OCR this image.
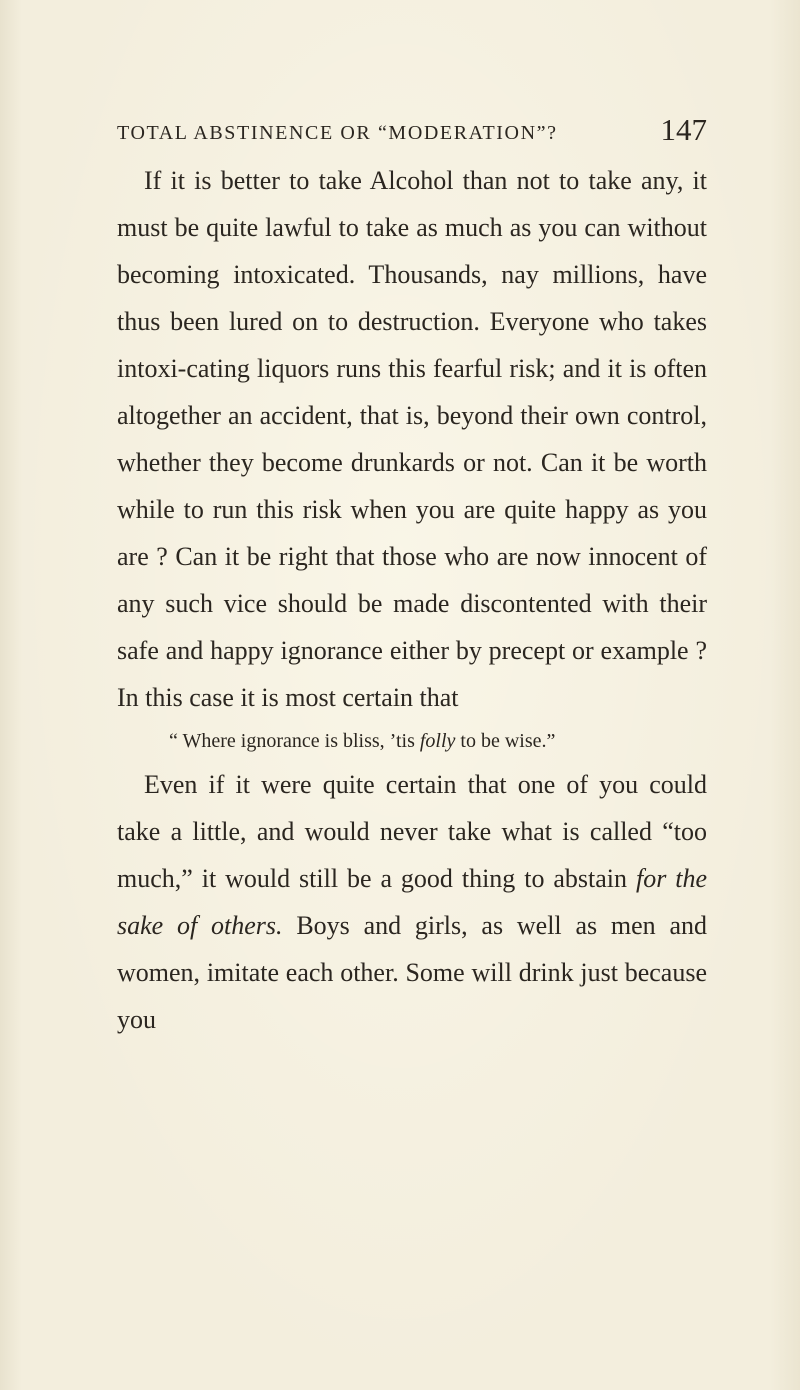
TOTAL ABSTINENCE OR “MODERATION”?	147

If it is better to take Alcohol than not to take any, it must be quite lawful to take as much as you can without becoming intoxicated. Thousands, nay millions, have thus been lured on to destruction. Everyone who takes intoxi-cating liquors runs this fearful risk; and it is often altogether an accident, that is, beyond their own control, whether they become drunkards or not. Can it be worth while to run this risk when you are quite happy as you are ? Can it be right that those who are now innocent of any such vice should be made discontented with their safe and happy ignorance either by precept or example ? In this case it is most certain that

“ Where ignorance is bliss, ’tis folly to be wise.”

Even if it were quite certain that one of you could take a little, and would never take what is called “too much,” it would still be a good thing to abstain for the sake of others. Boys and girls, as well as men and women, imitate each other. Some will drink just because you
